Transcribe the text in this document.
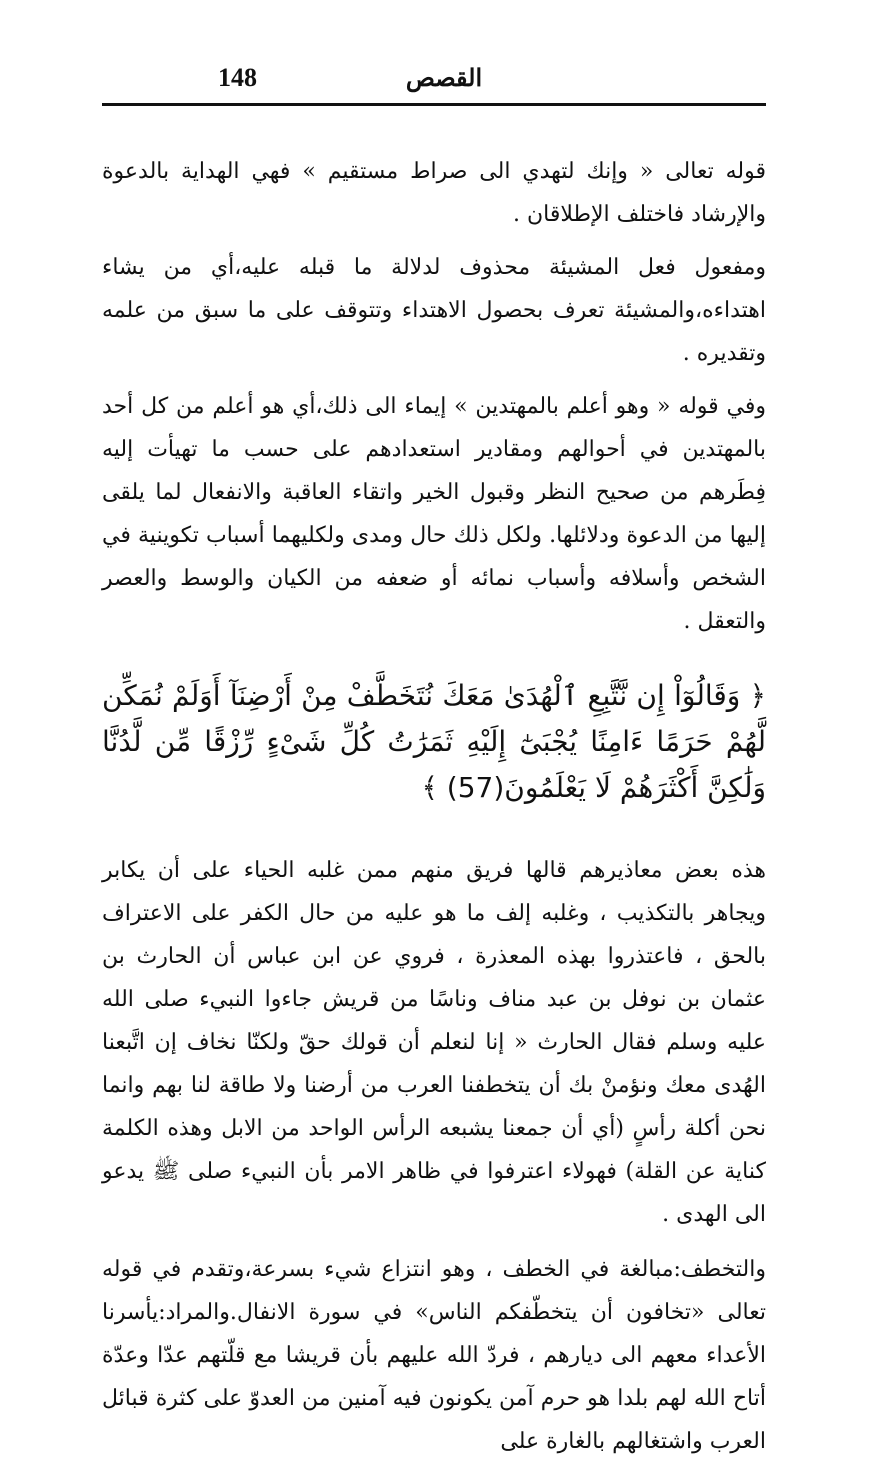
148	القصص

قوله تعالى « وإنك لتهدي الى صراط مستقيم » فهي الهداية بالدعوة والإرشاد فاختلف الإطلاقان .

ومفعول فعل المشيئة محذوف لدلالة ما قبله عليه،أي من يشاء اهتداءه،والمشيئة تعرف بحصول الاهتداء وتتوقف على ما سبق من علمه وتقديره .

وفي قوله « وهو أعلم بالمهتدين » إيماء الى ذلك،أي هو أعلم من كل أحد بالمهتدين في أحوالهم ومقادير استعدادهم على حسب ما تهيأت إليه فِطَرهم من صحيح النظر وقبول الخير واتقاء العاقبة والانفعال لما يلقى إليها من الدعوة ودلائلها. ولكل ذلك حال ومدى ولكليهما أسباب تكوينية في الشخص وأسلافه وأسباب نمائه أو ضعفه من الكيان والوسط والعصر والتعقل .

﴿ وَقَالُوٓاْ إِن نَّتَّبِعِ ٱلْهُدَىٰ مَعَكَ نُتَخَطَّفْ مِنْ أَرْضِنَآ أَوَلَمْ نُمَكِّن لَّهُمْ حَرَمًا ءَامِنًا يُجْبَىٰٓ إِلَيْهِ ثَمَرَٰتُ كُلِّ شَىْءٍ رِّزْقًا مِّن لَّدُنَّا وَلَٰكِنَّ أَكْثَرَهُمْ لَا يَعْلَمُونَ(57) ﴾

هذه بعض معاذيرهم قالها فريق منهم ممن غلبه الحياء على أن يكابر ويجاهر بالتكذيب ، وغلبه إلف ما هو عليه من حال الكفر على الاعتراف بالحق ، فاعتذروا بهذه المعذرة ، فروي عن ابن عباس أن الحارث بن عثمان بن نوفل بن عبد مناف وناسًا من قريش جاءوا النبيء صلى الله عليه وسلم فقال الحارث « إنا لنعلم أن قولك حقّ ولكنّا نخاف إن اتَّبعنا الهُدى معك ونؤمنْ بك أن يتخطفنا العرب من أرضنا ولا طاقة لنا بهم وانما نحن أكلة رأسٍ (أي أن جمعنا يشبعه الرأس الواحد من الابل وهذه الكلمة كناية عن القلة) فهولاء اعترفوا في ظاهر الامر بأن النبيء صلى ﷺ يدعو الى الهدى .

والتخطف:مبالغة في الخطف ، وهو انتزاع شيء بسرعة،وتقدم في قوله تعالى «تخافون أن يتخطّفكم الناس» في سورة الانفال.والمراد:يأسرنا الأعداء معهم الى ديارهم ، فردّ الله عليهم بأن قريشا مع قلّتهم عدّا وعدّة أتاح الله لهم بلدا هو حرم آمن يكونون فيه آمنين من العدوّ على كثرة قبائل العرب واشتغالهم بالغارة على
